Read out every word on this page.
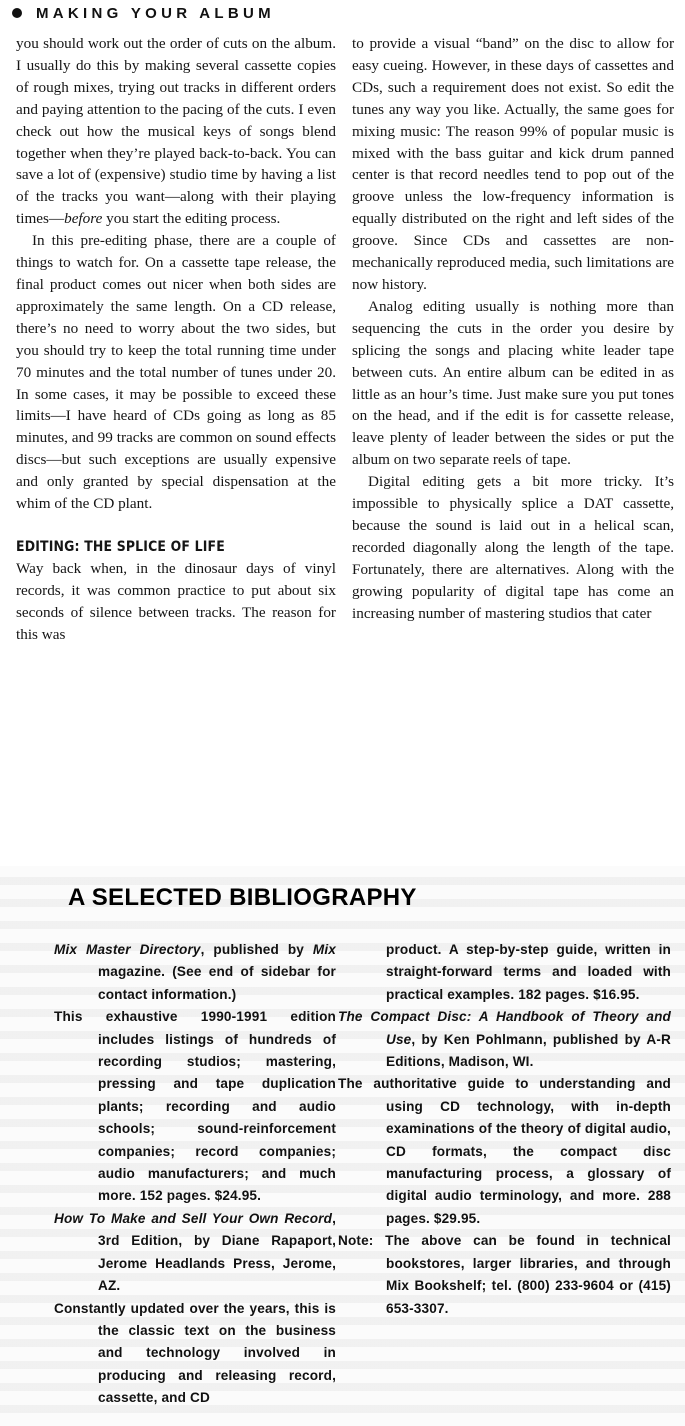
MAKING YOUR ALBUM

you should work out the order of cuts on the album. I usually do this by making several cassette copies of rough mixes, trying out tracks in different orders and paying attention to the pacing of the cuts. I even check out how the musical keys of songs blend together when they’re played back-to-back. You can save a lot of (expensive) studio time by having a list of the tracks you want—along with their playing times—before you start the editing process.

In this pre-editing phase, there are a couple of things to watch for. On a cassette tape release, the final product comes out nicer when both sides are approximately the same length. On a CD release, there’s no need to worry about the two sides, but you should try to keep the total running time under 70 minutes and the total number of tunes under 20. In some cases, it may be possible to exceed these limits—I have heard of CDs going as long as 85 minutes, and 99 tracks are common on sound effects discs—but such exceptions are usually expensive and only granted by special dispensation at the whim of the CD plant.

EDITING: THE SPLICE OF LIFE

Way back when, in the dinosaur days of vinyl records, it was common practice to put about six seconds of silence between tracks. The reason for this was

to provide a visual “band” on the disc to allow for easy cueing. However, in these days of cassettes and CDs, such a requirement does not exist. So edit the tunes any way you like. Actually, the same goes for mixing music: The reason 99% of popular music is mixed with the bass guitar and kick drum panned center is that record needles tend to pop out of the groove unless the low-frequency information is equally distributed on the right and left sides of the groove. Since CDs and cassettes are non-mechanically reproduced media, such limitations are now history.

Analog editing usually is nothing more than sequencing the cuts in the order you desire by splicing the songs and placing white leader tape between cuts. An entire album can be edited in as little as an hour’s time. Just make sure you put tones on the head, and if the edit is for cassette release, leave plenty of leader between the sides or put the album on two separate reels of tape.

Digital editing gets a bit more tricky. It’s impossible to physically splice a DAT cassette, because the sound is laid out in a helical scan, recorded diagonally along the length of the tape. Fortunately, there are alternatives. Along with the growing popularity of digital tape has come an increasing number of mastering studios that cater

A SELECTED BIBLIOGRAPHY

Mix Master Directory, published by Mix magazine. (See end of sidebar for contact information.)

This exhaustive 1990-1991 edition includes listings of hundreds of recording studios; mastering, pressing and tape duplication plants; recording and audio schools; sound-reinforcement companies; record companies; audio manufacturers; and much more. 152 pages. $24.95.

How To Make and Sell Your Own Record, 3rd Edition, by Diane Rapaport, Jerome Headlands Press, Jerome, AZ.

Constantly updated over the years, this is the classic text on the business and technology involved in producing and releasing record, cassette, and CD

product. A step-by-step guide, written in straight-forward terms and loaded with practical examples. 182 pages. $16.95.

The Compact Disc: A Handbook of Theory and Use, by Ken Pohlmann, published by A-R Editions, Madison, WI.

The authoritative guide to understanding and using CD technology, with in-depth examinations of the theory of digital audio, CD formats, the compact disc manufacturing process, a glossary of digital audio terminology, and more. 288 pages. $29.95.

Note: The above can be found in technical bookstores, larger libraries, and through Mix Bookshelf; tel. (800) 233-9604 or (415) 653-3307.
